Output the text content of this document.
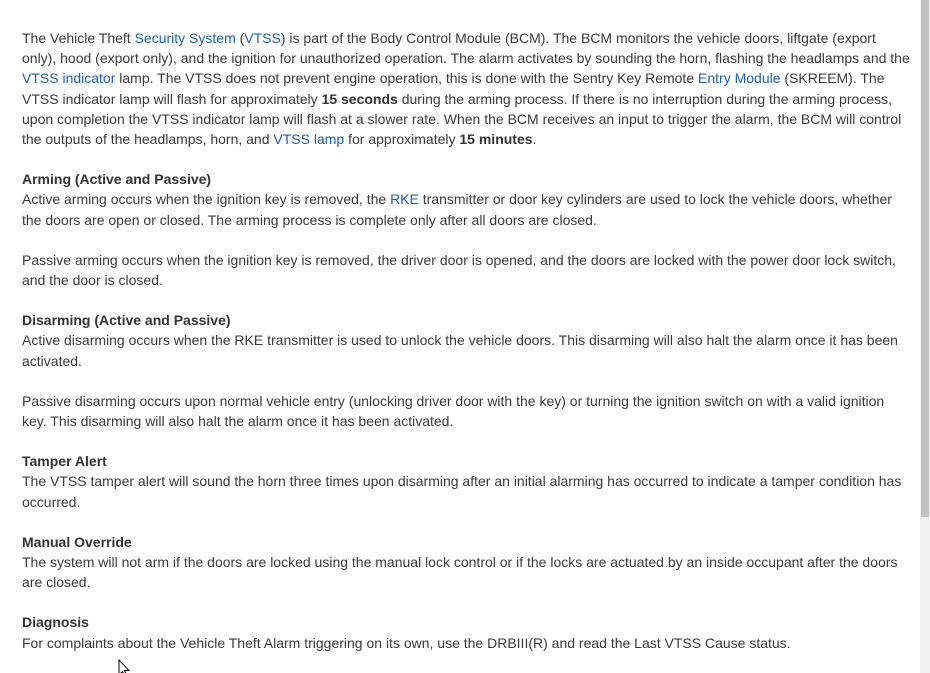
The Vehicle Theft Security System (VTSS) is part of the Body Control Module (BCM). The BCM monitors the vehicle doors, liftgate (export only), hood (export only), and the ignition for unauthorized operation. The alarm activates by sounding the horn, flashing the headlamps and the VTSS indicator lamp. The VTSS does not prevent engine operation, this is done with the Sentry Key Remote Entry Module (SKREEM). The VTSS indicator lamp will flash for approximately 15 seconds during the arming process. If there is no interruption during the arming process, upon completion the VTSS indicator lamp will flash at a slower rate. When the BCM receives an input to trigger the alarm, the BCM will control the outputs of the headlamps, horn, and VTSS lamp for approximately 15 minutes.

Arming (Active and Passive)

Active arming occurs when the ignition key is removed, the RKE transmitter or door key cylinders are used to lock the vehicle doors, whether the doors are open or closed. The arming process is complete only after all doors are closed.

Passive arming occurs when the ignition key is removed, the driver door is opened, and the doors are locked with the power door lock switch, and the door is closed.

Disarming (Active and Passive)

Active disarming occurs when the RKE transmitter is used to unlock the vehicle doors. This disarming will also halt the alarm once it has been activated.

Passive disarming occurs upon normal vehicle entry (unlocking driver door with the key) or turning the ignition switch on with a valid ignition key. This disarming will also halt the alarm once it has been activated.

Tamper Alert

The VTSS tamper alert will sound the horn three times upon disarming after an initial alarming has occurred to indicate a tamper condition has occurred.

Manual Override

The system will not arm if the doors are locked using the manual lock control or if the locks are actuated by an inside occupant after the doors are closed.

Diagnosis

For complaints about the Vehicle Theft Alarm triggering on its own, use the DRBIII(R) and read the Last VTSS Cause status.
